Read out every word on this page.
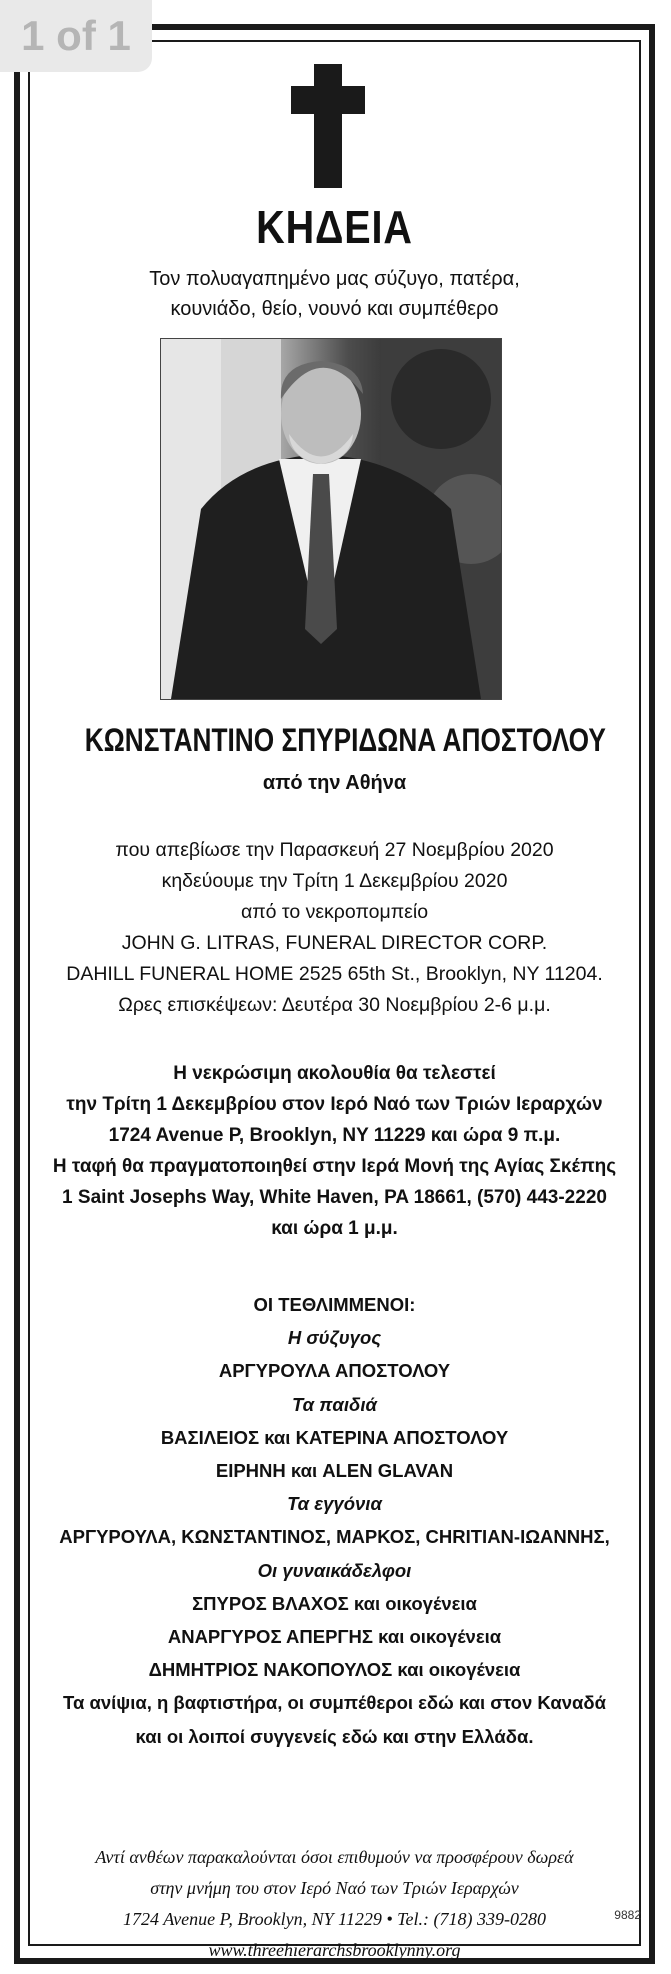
1 of 1
ΚΗΔΕΙΑ
Τον πολυαγαπημένο μας σύζυγο, πατέρα,
κουνιάδο, θείο, νουνό και συμπέθερο
ΚΩΝΣΤΑΝΤΙΝΟ ΣΠΥΡΙΔΩΝΑ ΑΠΟΣΤΟΛΟΥ
από την Αθήνα
που απεβίωσε την Παρασκευή 27 Νοεμβρίου 2020
κηδεύουμε την Τρίτη 1 Δεκεμβρίου 2020
από το νεκροπομπείο
JOHN G. LITRAS, FUNERAL DIRECTOR CORP.
DAHILL FUNERAL HOME 2525 65th St., Brooklyn, NY 11204.
Ωρες επισκέψεων: Δευτέρα 30 Νοεμβρίου 2-6 μ.μ.
Η νεκρώσιμη ακολουθία θα τελεστεί
την Τρίτη 1 Δεκεμβρίου στον Ιερό Ναό των Τριών Ιεραρχών
1724 Avenue P, Brooklyn, NY 11229 και ώρα 9 π.μ.
Η ταφή θα πραγματοποιηθεί στην Ιερά Μονή της Αγίας Σκέπης
1 Saint Josephs Way, White Haven, PA 18661, (570) 443-2220
και ώρα 1 μ.μ.
ΟΙ ΤΕΘΛΙΜΜΕΝΟΙ:
Η σύζυγος
ΑΡΓΥΡΟΥΛΑ ΑΠΟΣΤΟΛΟΥ
Τα παιδιά
ΒΑΣΙΛΕΙΟΣ και ΚΑΤΕΡΙΝΑ ΑΠΟΣΤΟΛΟΥ
ΕΙΡΗΝΗ και ALEN GLAVAN
Τα εγγόνια
ΑΡΓΥΡΟΥΛΑ, ΚΩΝΣΤΑΝΤΙΝΟΣ, ΜΑΡΚΟΣ, CHRITIAN-ΙΩΑΝΝΗΣ,
Οι γυναικάδελφοι
ΣΠΥΡΟΣ ΒΛΑΧΟΣ και οικογένεια
ΑΝΑΡΓΥΡΟΣ ΑΠΕΡΓΗΣ και οικογένεια
ΔΗΜΗΤΡΙΟΣ ΝΑΚΟΠΟΥΛΟΣ και οικογένεια
Τα ανίψια, η βαφτιστήρα, οι συμπέθεροι εδώ και στον Καναδά
και οι λοιποί συγγενείς εδώ και στην Ελλάδα.
Αντί ανθέων παρακαλούνται όσοι επιθυμούν να προσφέρουν δωρεά
στην μνήμη του στον Ιερό Ναό των Τριών Ιεραρχών
1724 Avenue P, Brooklyn, NY 11229 • Tel.: (718) 339-0280
www.threehierarchsbrooklynny.org
9882
